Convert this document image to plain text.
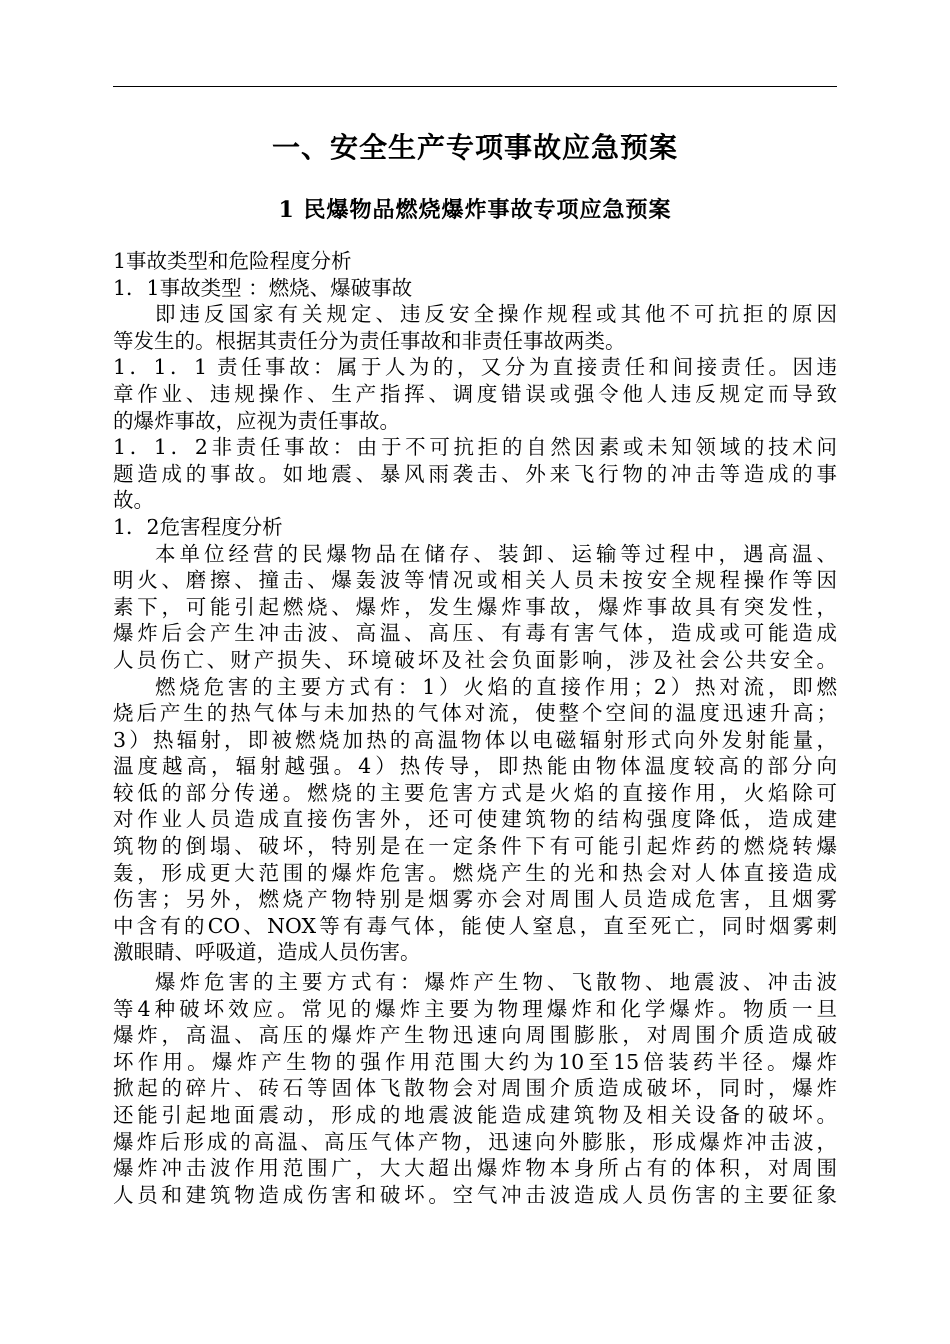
一、安全生产专项事故应急预案
1 民爆物品燃烧爆炸事故专项应急预案
1事故类型和危险程度分析
1．1事故类型 ：燃烧、爆破事故
即违反国家有关规定、违反安全操作规程或其他不可抗拒的原因
等发生的。根据其责任分为责任事故和非责任事故两类。
1．1．1 责任事故：属于人为的，又分为直接责任和间接责任。因违
章作业、违规操作、生产指挥、调度错误或强令他人违反规定而导致
的爆炸事故，应视为责任事故。
1．1．2非责任事故：由于不可抗拒的自然因素或未知领域的技术问
题造成的事故。如地震、暴风雨袭击、外来飞行物的冲击等造成的事
故。
1．2危害程度分析
本单位经营的民爆物品在储存、装卸、运输等过程中，遇高温、
明火、磨擦、撞击、爆轰波等情况或相关人员未按安全规程操作等因
素下，可能引起燃烧、爆炸，发生爆炸事故，爆炸事故具有突发性，
爆炸后会产生冲击波、高温、高压、有毒有害气体，造成或可能造成
人员伤亡、财产损失、环境破坏及社会负面影响，涉及社会公共安全。
燃烧危害的主要方式有：1）火焰的直接作用；2）热对流，即燃
烧后产生的热气体与未加热的气体对流，使整个空间的温度迅速升高；
3）热辐射，即被燃烧加热的高温物体以电磁辐射形式向外发射能量，
温度越高，辐射越强。4）热传导，即热能由物体温度较高的部分向
较低的部分传递。燃烧的主要危害方式是火焰的直接作用，火焰除可
对作业人员造成直接伤害外，还可使建筑物的结构强度降低，造成建
筑物的倒塌、破坏，特别是在一定条件下有可能引起炸药的燃烧转爆
轰，形成更大范围的爆炸危害。燃烧产生的光和热会对人体直接造成
伤害；另外，燃烧产物特别是烟雾亦会对周围人员造成危害，且烟雾
中含有的CO、NOX等有毒气体，能使人窒息，直至死亡，同时烟雾刺
激眼睛、呼吸道，造成人员伤害。
爆炸危害的主要方式有：爆炸产生物、飞散物、地震波、冲击波
等4种破坏效应。常见的爆炸主要为物理爆炸和化学爆炸。物质一旦
爆炸，高温、高压的爆炸产生物迅速向周围膨胀，对周围介质造成破
坏作用。爆炸产生物的强作用范围大约为10至15倍装药半径。爆炸
掀起的碎片、砖石等固体飞散物会对周围介质造成破坏，同时，爆炸
还能引起地面震动，形成的地震波能造成建筑物及相关设备的破坏。
爆炸后形成的高温、高压气体产物，迅速向外膨胀，形成爆炸冲击波，
爆炸冲击波作用范围广，大大超出爆炸物本身所占有的体积，对周围
人员和建筑物造成伤害和破坏。空气冲击波造成人员伤害的主要征象
